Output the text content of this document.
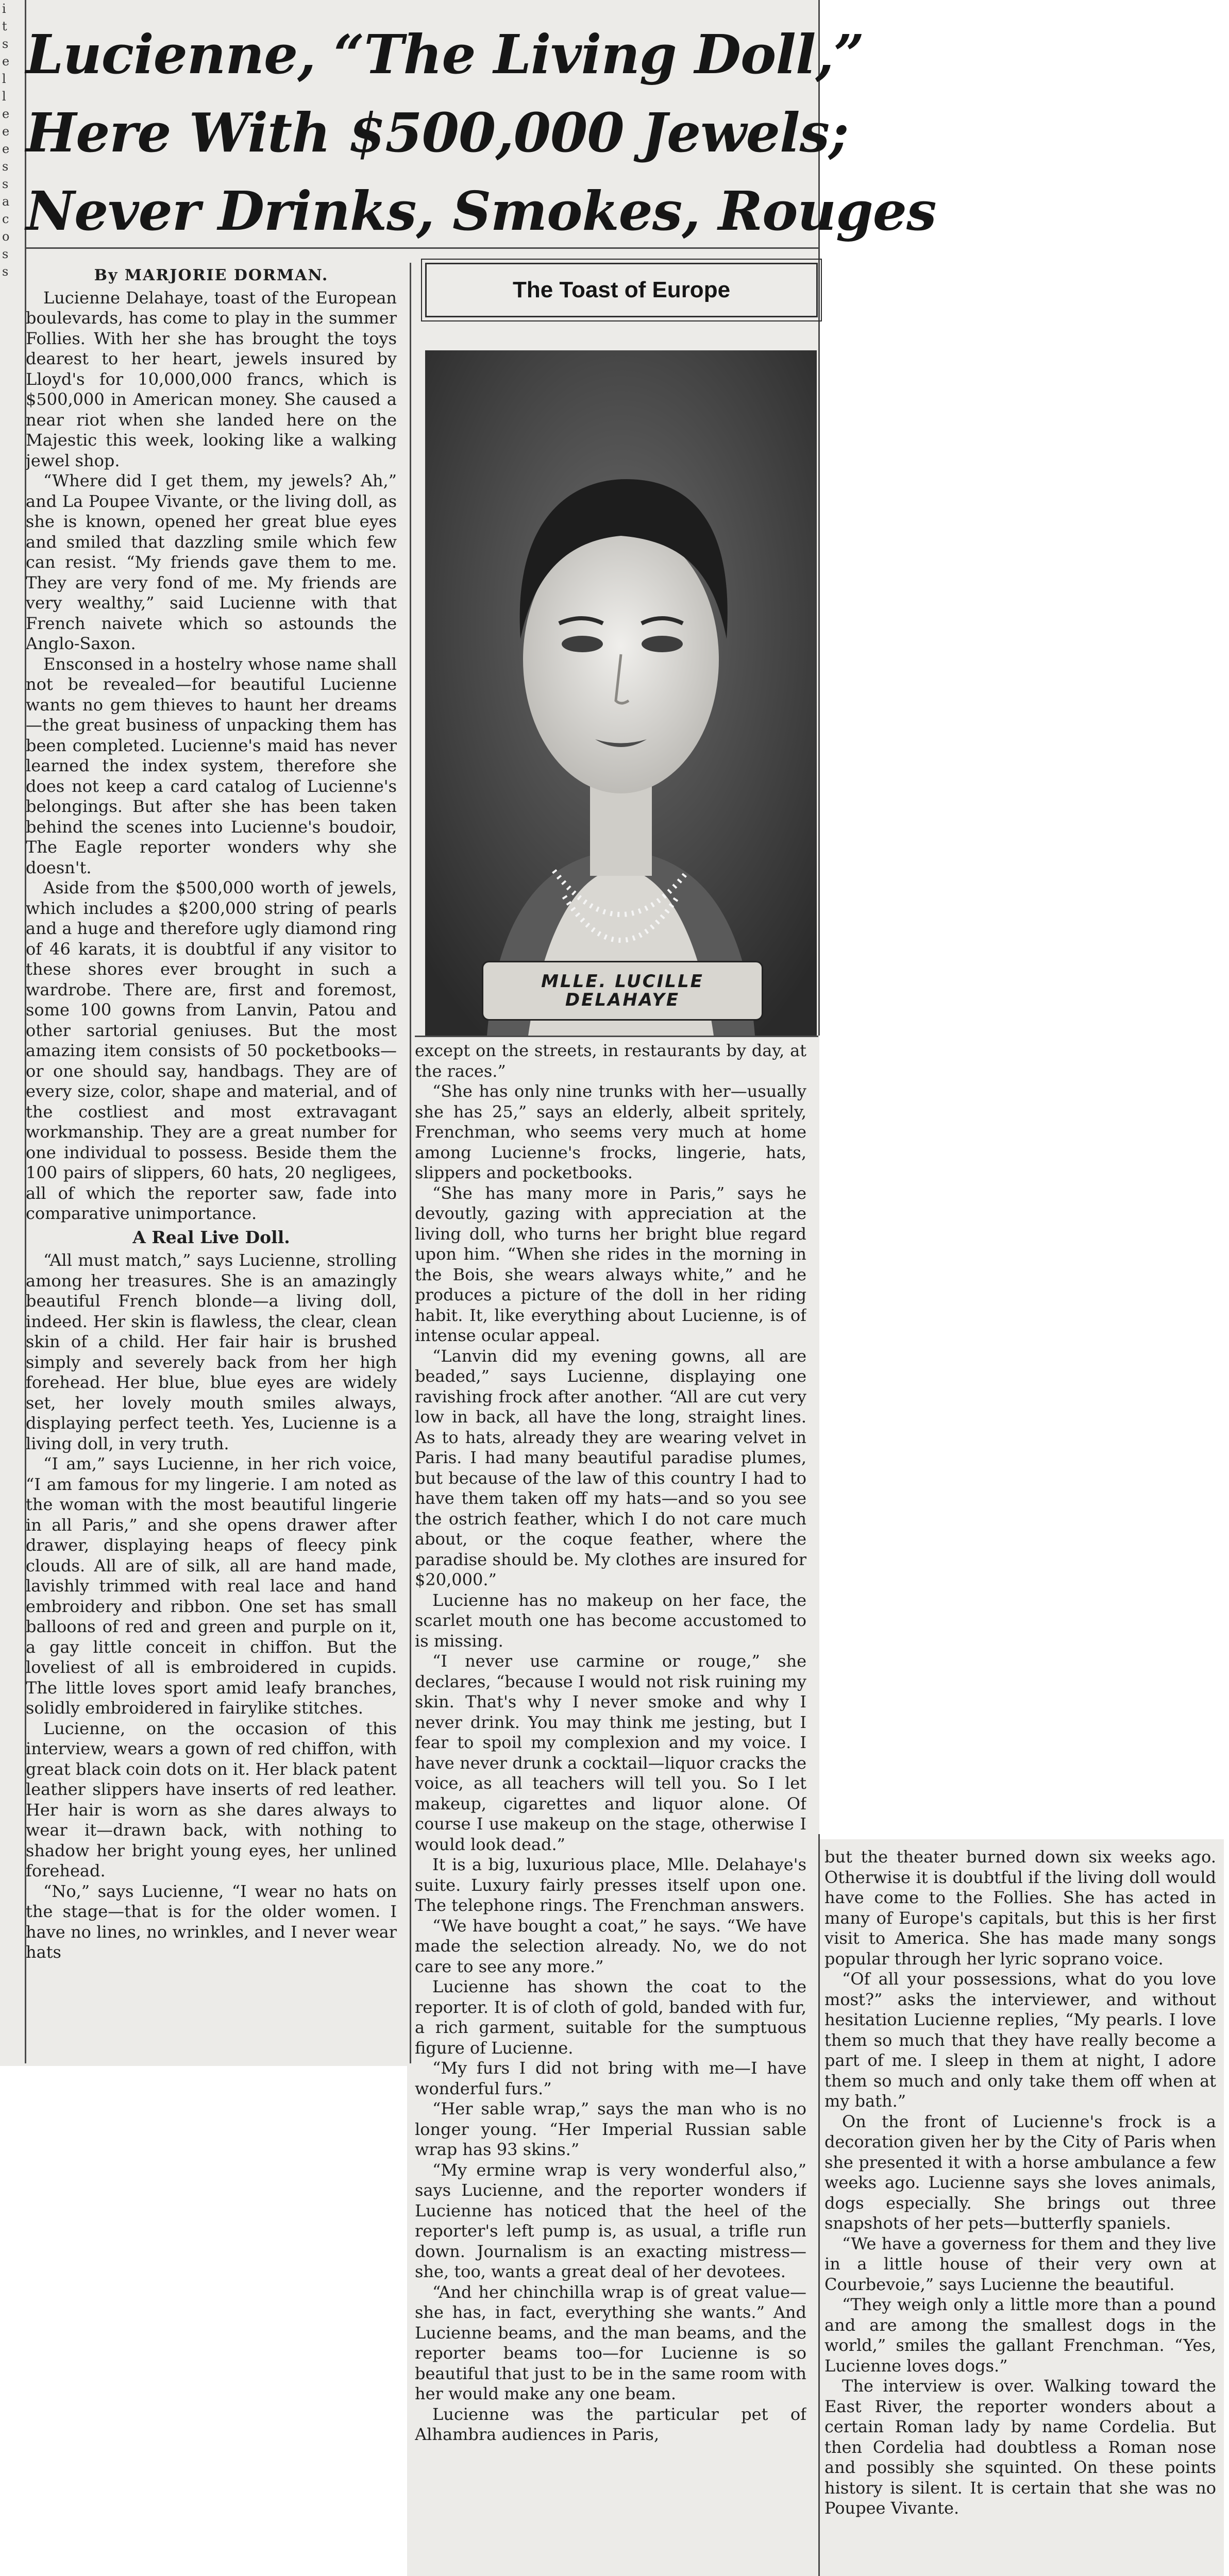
i
t
s
e
l
l
e
e
e
s
s
a
c
o
s
s
Lucienne, “The Living Doll,”
Here With $500,000 Jewels;
Never Drinks, Smokes, Rouges

By MARJORIE DORMAN.

Lucienne Delahaye, toast of the European boulevards, has come to play in the summer Follies. With her she has brought the toys dearest to her heart, jewels insured by Lloyd's for 10,000,000 francs, which is $500,000 in American money. She caused a near riot when she landed here on the Majestic this week, looking like a walking jewel shop.

“Where did I get them, my jewels? Ah,” and La Poupee Vivante, or the living doll, as she is known, opened her great blue eyes and smiled that dazzling smile which few can resist. “My friends gave them to me. They are very fond of me. My friends are very wealthy,” said Lucienne with that French naivete which so astounds the Anglo-Saxon.

Ensconsed in a hostelry whose name shall not be revealed—for beautiful Lucienne wants no gem thieves to haunt her dreams—the great business of unpacking them has been completed. Lucienne's maid has never learned the index system, therefore she does not keep a card catalog of Lucienne's belongings. But after she has been taken behind the scenes into Lucienne's boudoir, The Eagle reporter wonders why she doesn't.

Aside from the $500,000 worth of jewels, which includes a $200,000 string of pearls and a huge and therefore ugly diamond ring of 46 karats, it is doubtful if any visitor to these shores ever brought in such a wardrobe. There are, first and foremost, some 100 gowns from Lanvin, Patou and other sartorial geniuses. But the most amazing item consists of 50 pocketbooks—or one should say, handbags. They are of every size, color, shape and material, and of the costliest and most extravagant workmanship. They are a great number for one individual to possess. Beside them the 100 pairs of slippers, 60 hats, 20 negligees, all of which the reporter saw, fade into comparative unimportance.

A Real Live Doll.

“All must match,” says Lucienne, strolling among her treasures. She is an amazingly beautiful French blonde—a living doll, indeed. Her skin is flawless, the clear, clean skin of a child. Her fair hair is brushed simply and severely back from her high forehead. Her blue, blue eyes are widely set, her lovely mouth smiles always, displaying perfect teeth. Yes, Lucienne is a living doll, in very truth.

“I am,” says Lucienne, in her rich voice, “I am famous for my lingerie. I am noted as the woman with the most beautiful lingerie in all Paris,” and she opens drawer after drawer, displaying heaps of fleecy pink clouds. All are of silk, all are hand made, lavishly trimmed with real lace and hand embroidery and ribbon. One set has small balloons of red and green and purple on it, a gay little conceit in chiffon. But the loveliest of all is embroidered in cupids. The little loves sport amid leafy branches, solidly embroidered in fairylike stitches.

Lucienne, on the occasion of this interview, wears a gown of red chiffon, with great black coin dots on it. Her black patent leather slippers have inserts of red leather. Her hair is worn as she dares always to wear it—drawn back, with nothing to shadow her bright young eyes, her unlined forehead.

“No,” says Lucienne, “I wear no hats on the stage—that is for the older women. I have no lines, no wrinkles, and I never wear hats

The Toast of Europe
MLLE. LUCILLE
DELAHAYE

except on the streets, in restaurants by day, at the races.”

“She has only nine trunks with her—usually she has 25,” says an elderly, albeit spritely, Frenchman, who seems very much at home among Lucienne's frocks, lingerie, hats, slippers and pocketbooks.

“She has many more in Paris,” says he devoutly, gazing with appreciation at the living doll, who turns her bright blue regard upon him. “When she rides in the morning in the Bois, she wears always white,” and he produces a picture of the doll in her riding habit. It, like everything about Lucienne, is of intense ocular appeal.

“Lanvin did my evening gowns, all are beaded,” says Lucienne, displaying one ravishing frock after another. “All are cut very low in back, all have the long, straight lines. As to hats, already they are wearing velvet in Paris. I had many beautiful paradise plumes, but because of the law of this country I had to have them taken off my hats—and so you see the ostrich feather, which I do not care much about, or the coque feather, where the paradise should be. My clothes are insured for $20,000.”

Lucienne has no makeup on her face, the scarlet mouth one has become accustomed to is missing.

“I never use carmine or rouge,” she declares, “because I would not risk ruining my skin. That's why I never smoke and why I never drink. You may think me jesting, but I fear to spoil my complexion and my voice. I have never drunk a cocktail—liquor cracks the voice, as all teachers will tell you. So I let makeup, cigarettes and liquor alone. Of course I use makeup on the stage, otherwise I would look dead.”

It is a big, luxurious place, Mlle. Delahaye's suite. Luxury fairly presses itself upon one. The telephone rings. The Frenchman answers.

“We have bought a coat,” he says. “We have made the selection already. No, we do not care to see any more.”

Lucienne has shown the coat to the reporter. It is of cloth of gold, banded with fur, a rich garment, suitable for the sumptuous figure of Lucienne.

“My furs I did not bring with me—I have wonderful furs.”

“Her sable wrap,” says the man who is no longer young. “Her Imperial Russian sable wrap has 93 skins.”

“My ermine wrap is very wonderful also,” says Lucienne, and the reporter wonders if Lucienne has noticed that the heel of the reporter's left pump is, as usual, a trifle run down. Journalism is an exacting mistress—she, too, wants a great deal of her devotees.

“And her chinchilla wrap is of great value—she has, in fact, everything she wants.” And Lucienne beams, and the man beams, and the reporter beams too—for Lucienne is so beautiful that just to be in the same room with her would make any one beam.

Lucienne was the particular pet of Alhambra audiences in Paris,

but the theater burned down six weeks ago. Otherwise it is doubtful if the living doll would have come to the Follies. She has acted in many of Europe's capitals, but this is her first visit to America. She has made many songs popular through her lyric soprano voice.

“Of all your possessions, what do you love most?” asks the interviewer, and without hesitation Lucienne replies, “My pearls. I love them so much that they have really become a part of me. I sleep in them at night, I adore them so much and only take them off when at my bath.”

On the front of Lucienne's frock is a decoration given her by the City of Paris when she presented it with a horse ambulance a few weeks ago. Lucienne says she loves animals, dogs especially. She brings out three snapshots of her pets—butterfly spaniels.

“We have a governess for them and they live in a little house of their very own at Courbevoie,” says Lucienne the beautiful.

“They weigh only a little more than a pound and are among the smallest dogs in the world,” smiles the gallant Frenchman. “Yes, Lucienne loves dogs.”

The interview is over. Walking toward the East River, the reporter wonders about a certain Roman lady by name Cordelia. But then Cordelia had doubtless a Roman nose and possibly she squinted. On these points history is silent. It is certain that she was no Poupee Vivante.
